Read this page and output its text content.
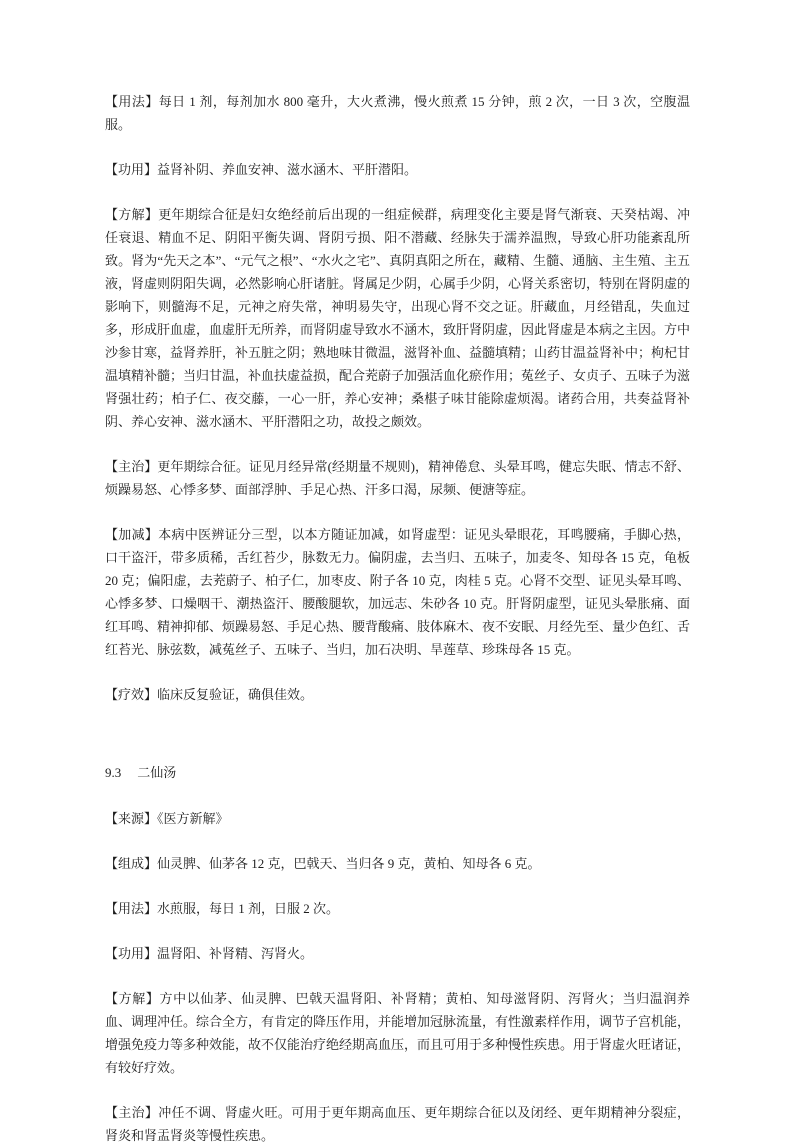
【用法】每日 1 剂，每剂加水 800 毫升，大火煮沸，慢火煎煮 15 分钟，煎 2 次，一日 3 次，空腹温服。

【功用】益肾补阴、养血安神、滋水涵木、平肝潜阳。

【方解】更年期综合征是妇女绝经前后出现的一组症候群，病理变化主要是肾气渐衰、天癸枯竭、冲任衰退、精血不足、阴阳平衡失调、肾阴亏损、阳不潜藏、经脉失于濡养温煦，导致心肝功能紊乱所致。肾为“先天之本”、“元气之根”、“水火之宅”、真阴真阳之所在，藏精、生髓、通脑、主生殖、主五液，肾虚则阴阳失调，必然影响心肝诸脏。肾属足少阴，心属手少阴，心肾关系密切，特别在肾阴虚的影响下，则髓海不足，元神之府失常，神明易失守，出现心肾不交之证。肝藏血，月经错乱，失血过多，形成肝血虚，血虚肝无所养，而肾阴虚导致水不涵木，致肝肾阴虚，因此肾虚是本病之主因。方中沙参甘寒，益肾养肝，补五脏之阴；熟地味甘微温，滋肾补血、益髓填精；山药甘温益肾补中；枸杞甘温填精补髓；当归甘温，补血扶虚益损，配合茺蔚子加强活血化瘀作用；菟丝子、女贞子、五味子为滋肾强壮药；柏子仁、夜交藤，一心一肝，养心安神；桑椹子味甘能除虚烦渴。诸药合用，共奏益肾补阴、养心安神、滋水涵木、平肝潜阳之功，故投之颇效。

【主治】更年期综合征。证见月经异常(经期量不规则)，精神倦怠、头晕耳鸣，健忘失眠、情志不舒、烦躁易怒、心悸多梦、面部浮肿、手足心热、汗多口渴，尿频、便溏等症。

【加减】本病中医辨证分三型，以本方随证加减，如肾虚型：证见头晕眼花，耳鸣腰痛，手脚心热，口干盗汗，带多质稀，舌红苔少，脉数无力。偏阴虚，去当归、五味子，加麦冬、知母各 15 克，龟板 20 克；偏阳虚，去茺蔚子、柏子仁，加枣皮、附子各 10 克，肉桂 5 克。心肾不交型、证见头晕耳鸣、心悸多梦、口燥咽干、潮热盗汗、腰酸腿软，加远志、朱砂各 10 克。肝肾阴虚型，证见头晕胀痛、面红耳鸣、精神抑郁、烦躁易怒、手足心热、腰背酸痛、肢体麻木、夜不安眠、月经先至、量少色红、舌红苔光、脉弦数，减菟丝子、五味子、当归，加石决明、旱莲草、珍珠母各 15 克。

【疗效】临床反复验证，确俱佳效。

9.3 二仙汤

【来源】《医方新解》

【组成】仙灵脾、仙茅各 12 克，巴戟天、当归各 9 克，黄柏、知母各 6 克。

【用法】水煎服，每日 1 剂，日服 2 次。

【功用】温肾阳、补肾精、泻肾火。

【方解】方中以仙茅、仙灵脾、巴戟天温肾阳、补肾精；黄柏、知母滋肾阴、泻肾火；当归温润养血、调理冲任。综合全方，有肯定的降压作用，并能增加冠脉流量，有性激素样作用，调节子宫机能，增强免疫力等多种效能，故不仅能治疗绝经期高血压，而且可用于多种慢性疾患。用于肾虚火旺诸证，有较好疗效。

【主治】冲任不调、肾虚火旺。可用于更年期高血压、更年期综合征以及闭经、更年期精神分裂症，肾炎和肾盂肾炎等慢性疾患。
